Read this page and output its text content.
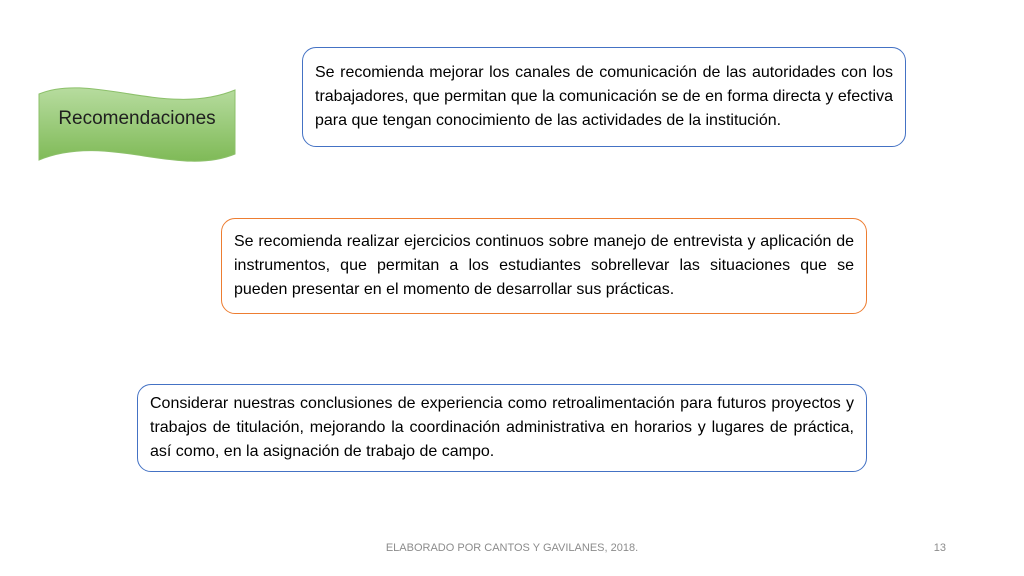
Recomendaciones

Se recomienda mejorar los canales de comunicación de las autoridades con los trabajadores, que permitan que la comunicación se de en forma directa y efectiva para que tengan conocimiento de las actividades de la institución.

Se recomienda realizar ejercicios continuos sobre manejo de entrevista y aplicación de instrumentos, que permitan a los estudiantes sobrellevar las situaciones que se pueden presentar en el momento de desarrollar sus prácticas.

Considerar nuestras conclusiones de experiencia como retroalimentación para futuros proyectos y trabajos de titulación, mejorando la coordinación administrativa en horarios y lugares de práctica, así como, en la asignación de trabajo de campo.

ELABORADO POR CANTOS Y GAVILANES, 2018.	13
